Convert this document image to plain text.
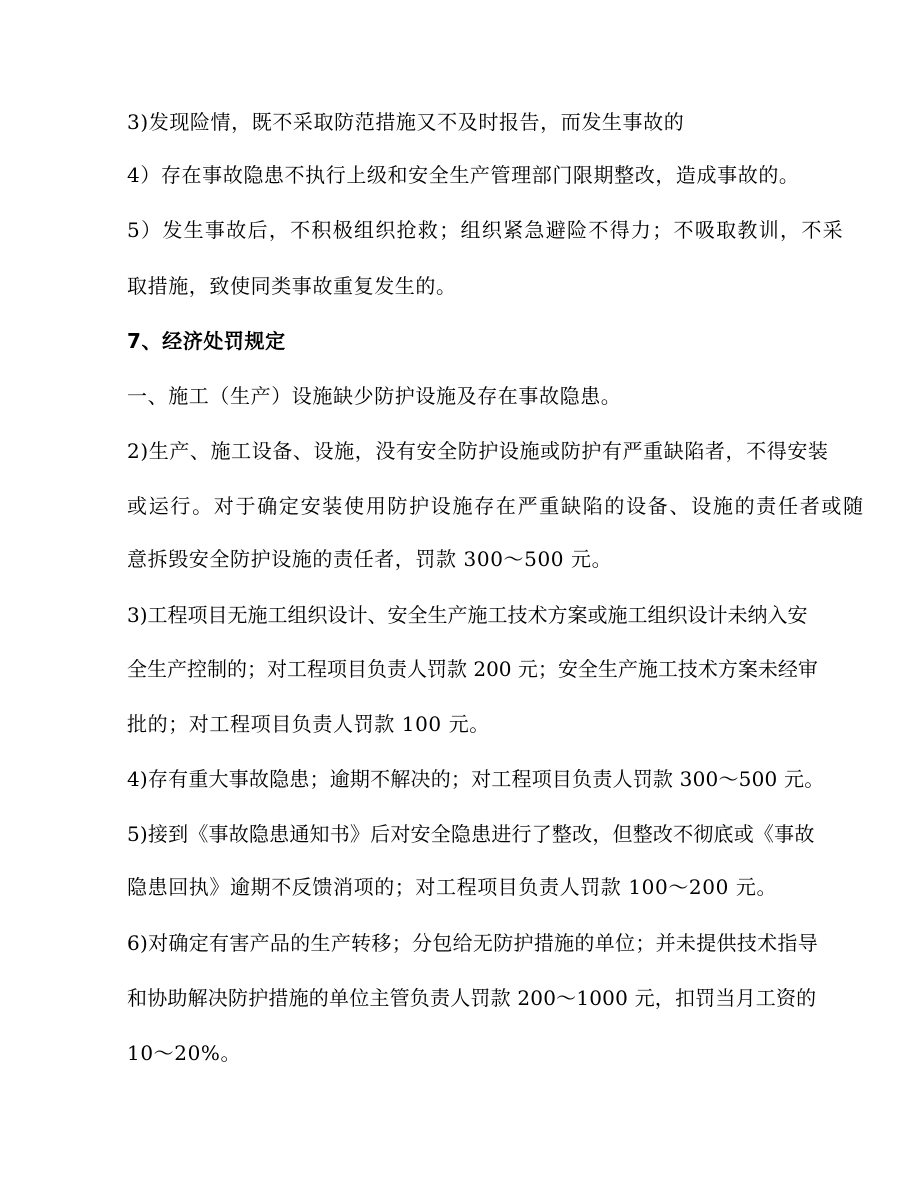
3)发现险情，既不采取防范措施又不及时报告，而发生事故的

4）存在事故隐患不执行上级和安全生产管理部门限期整改，造成事故的。

5）发生事故后，不积极组织抢救；组织紧急避险不得力；不吸取教训，不采

取措施，致使同类事故重复发生的。

7、经济处罚规定

一、施工（生产）设施缺少防护设施及存在事故隐患。

2)生产、施工设备、设施，没有安全防护设施或防护有严重缺陷者，不得安装

或运行。对于确定安装使用防护设施存在严重缺陷的设备、设施的责任者或随

意拆毁安全防护设施的责任者，罚款 300～500 元。

3)工程项目无施工组织设计、安全生产施工技术方案或施工组织设计未纳入安

全生产控制的；对工程项目负责人罚款 200 元；安全生产施工技术方案未经审

批的；对工程项目负责人罚款 100 元。

4)存有重大事故隐患；逾期不解决的；对工程项目负责人罚款 300～500 元。

5)接到《事故隐患通知书》后对安全隐患进行了整改，但整改不彻底或《事故

隐患回执》逾期不反馈消项的；对工程项目负责人罚款 100～200 元。

6)对确定有害产品的生产转移；分包给无防护措施的单位；并未提供技术指导

和协助解决防护措施的单位主管负责人罚款 200～1000 元，扣罚当月工资的

10～20%。
